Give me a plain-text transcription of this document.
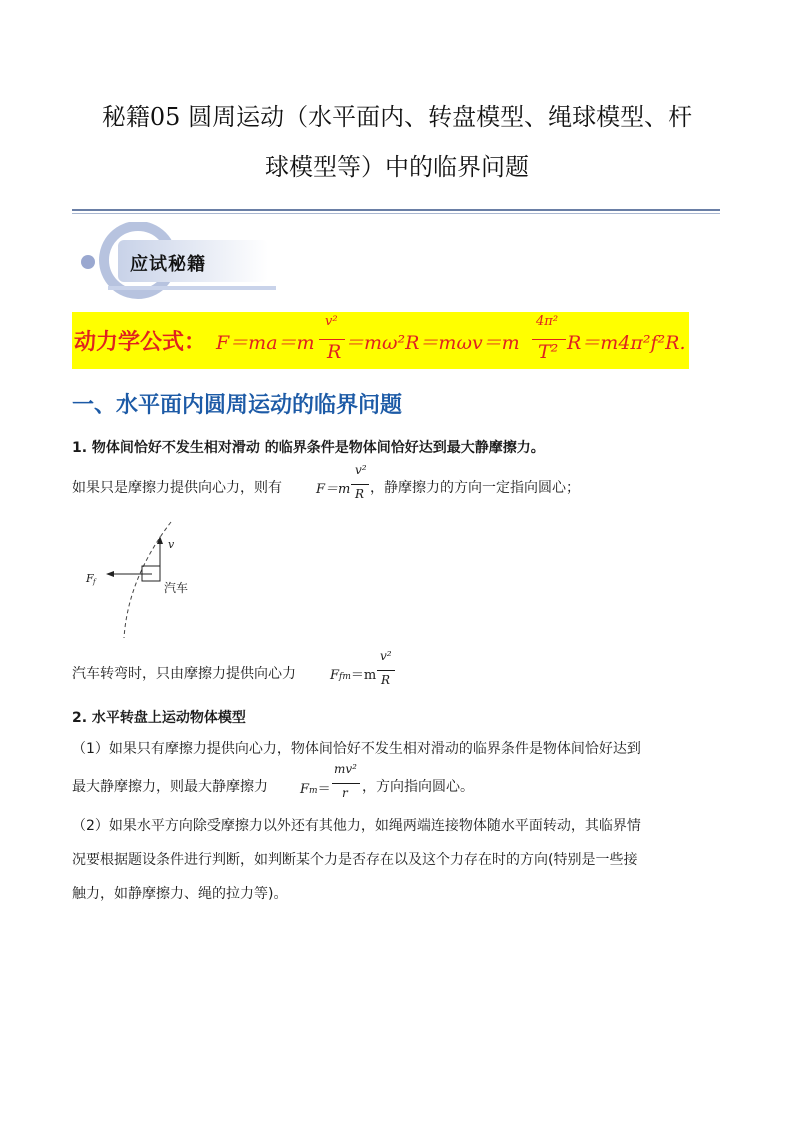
秘籍05 圆周运动（水平面内、转盘模型、绳球模型、杆
球模型等）中的临界问题
应试秘籍
动力学公式： F＝ma＝m
v²
R ＝mω²R＝mωv＝m
4π²
T² R＝m4π²f²R.
一、水平面内圆周运动的临界问题
1. 物体间恰好不发生相对滑动 的临界条件是物体间恰好达到最大静摩擦力。
如果只是摩擦力提供向心力，则有	F＝m
v²
R ，静摩擦力的方向一定指向圆心；
F f
v
汽车
汽车转弯时，只由摩擦力提供向心力	Ffm＝m
v²
R
2. 水平转盘上运动物体模型
（1）如果只有摩擦力提供向心力，物体间恰好不发生相对滑动的临界条件是物体间恰好达到
最大静摩擦力，则最大静摩擦力 Fm＝
mv²
r ，方向指向圆心。
（2）如果水平方向除受摩擦力以外还有其他力，如绳两端连接物体随水平面转动，其临界情
况要根据题设条件进行判断，如判断某个力是否存在以及这个力存在时的方向(特别是一些接
触力，如静摩擦力、绳的拉力等)。
